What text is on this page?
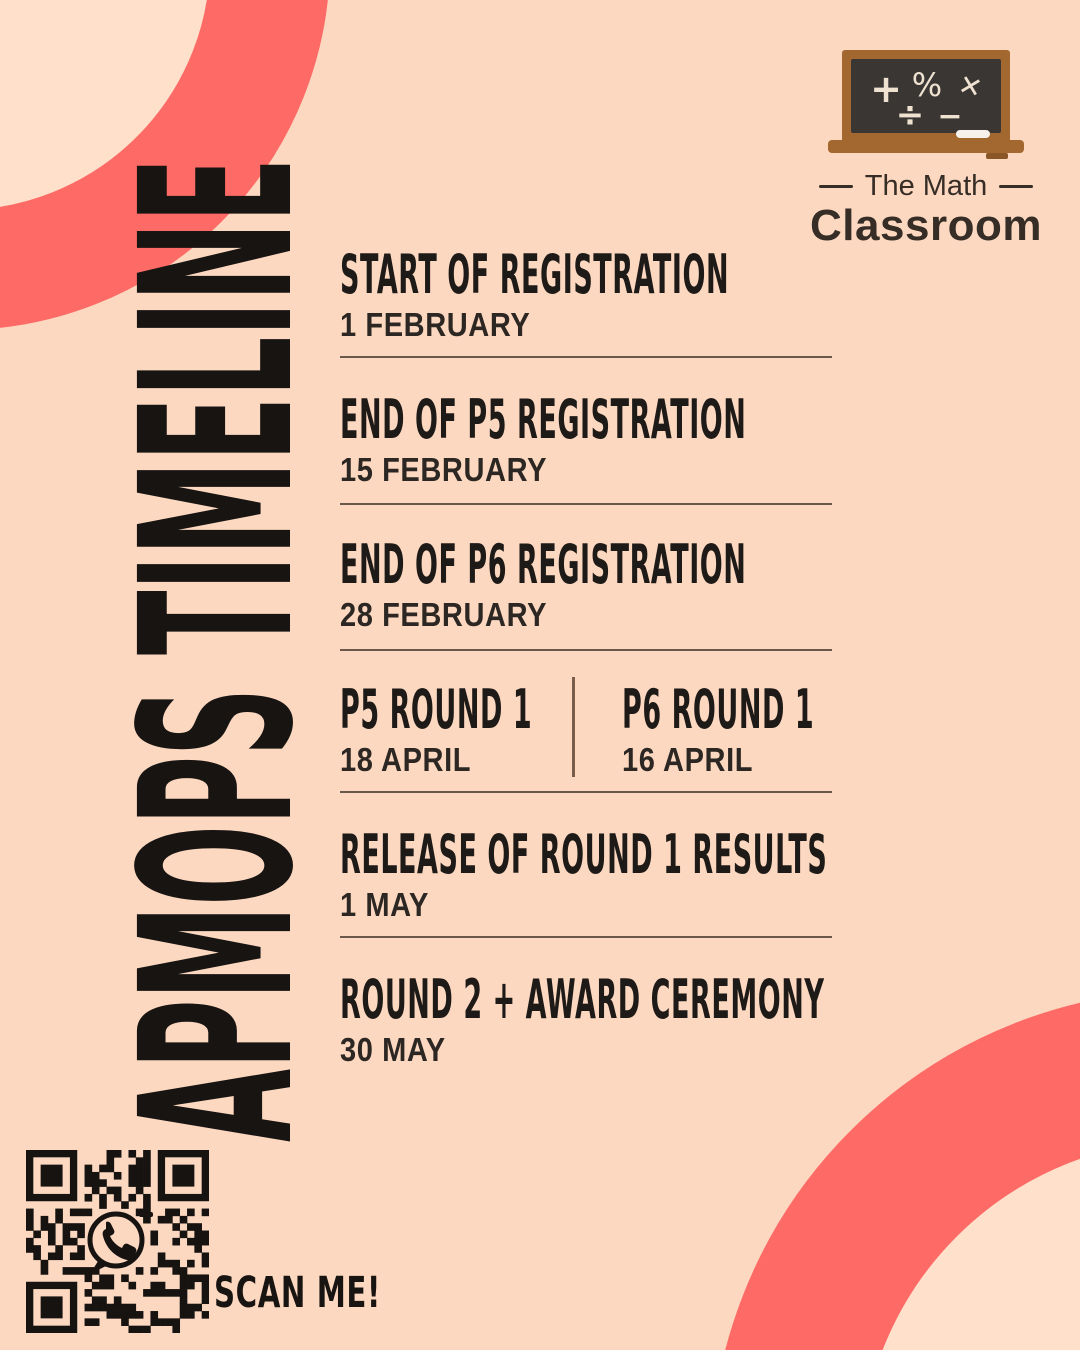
APMOPS TIMELINE
+ % ✕
÷ −
The Math
Classroom
START OF REGISTRATION
1 FEBRUARY
END OF P5 REGISTRATION
15 FEBRUARY
END OF P6 REGISTRATION
28 FEBRUARY
P5 ROUND 1
18 APRIL
P6 ROUND 1
16 APRIL
RELEASE OF ROUND 1 RESULTS
1 MAY
ROUND 2 + AWARD CEREMONY
30 MAY
SCAN ME!
